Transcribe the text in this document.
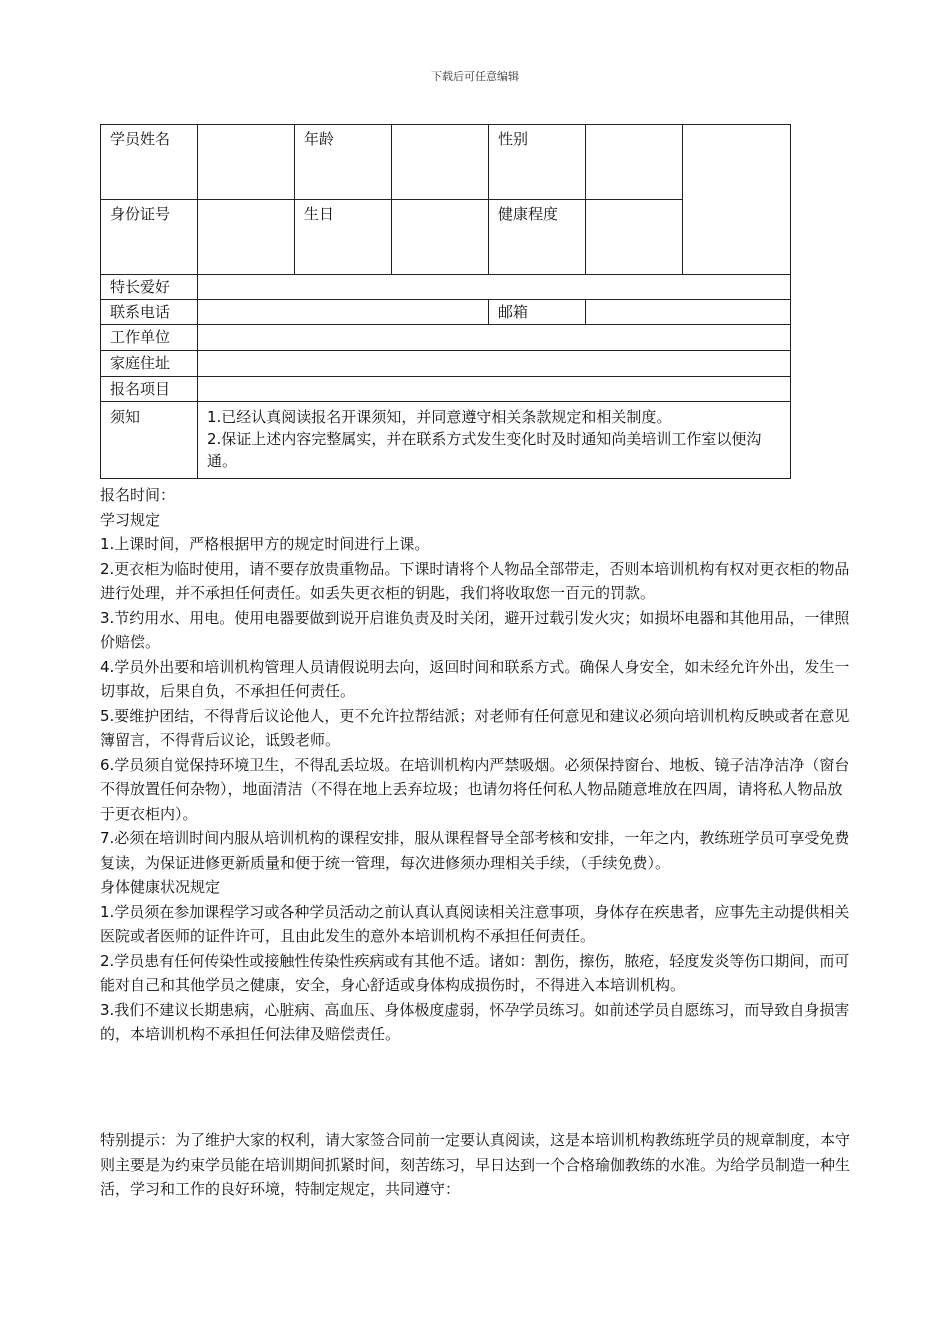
下载后可任意编辑
学员姓名		年龄		性别		
身份证号		生日		健康程度		
特长爱好						
联系电话				邮箱		
工作单位						
家庭住址						
报名项目						
须知	1.已经认真阅读报名开课须知，并同意遵守相关条款规定和相关制度。
2.保证上述内容完整属实，并在联系方式发生变化时及时通知尚美培训工作室以便沟通。					

报名时间：

学习规定

1.上课时间，严格根据甲方的规定时间进行上课。

2.更衣柜为临时使用，请不要存放贵重物品。下课时请将个人物品全部带走，否则本培训机构有权对更衣柜的物品进行处理，并不承担任何责任。如丢失更衣柜的钥匙，我们将收取您一百元的罚款。

3.节约用水、用电。使用电器要做到说开启谁负责及时关闭，避开过载引发火灾；如损坏电器和其他用品，一律照价赔偿。

4.学员外出要和培训机构管理人员请假说明去向，返回时间和联系方式。确保人身安全，如未经允许外出，发生一切事故，后果自负，不承担任何责任。

5.要维护团结，不得背后议论他人，更不允许拉帮结派；对老师有任何意见和建议必须向培训机构反映或者在意见簿留言，不得背后议论，诋毁老师。

6.学员须自觉保持环境卫生，不得乱丢垃圾。在培训机构内严禁吸烟。必须保持窗台、地板、镜子洁净洁净（窗台不得放置任何杂物），地面清洁（不得在地上丢弃垃圾；也请勿将任何私人物品随意堆放在四周，请将私人物品放于更衣柜内）。

7.必须在培训时间内服从培训机构的课程安排，服从课程督导全部考核和安排，一年之内，教练班学员可享受免费复读，为保证进修更新质量和便于统一管理，每次进修须办理相关手续，（手续免费）。

身体健康状况规定

1.学员须在参加课程学习或各种学员活动之前认真认真阅读相关注意事项，身体存在疾患者，应事先主动提供相关医院或者医师的证件许可，且由此发生的意外本培训机构不承担任何责任。

2.学员患有任何传染性或接触性传染性疾病或有其他不适。诸如：割伤，擦伤，脓疮，轻度发炎等伤口期间，而可能对自己和其他学员之健康，安全，身心舒适或身体构成损伤时，不得进入本培训机构。

3.我们不建议长期患病，心脏病、高血压、身体极度虚弱，怀孕学员练习。如前述学员自愿练习，而导致自身损害的，本培训机构不承担任何法律及赔偿责任。

特别提示：为了维护大家的权利，请大家签合同前一定要认真阅读，这是本培训机构教练班学员的规章制度，本守则主要是为约束学员能在培训期间抓紧时间，刻苦练习，早日达到一个合格瑜伽教练的水准。为给学员制造一种生活，学习和工作的良好环境，特制定规定，共同遵守：
